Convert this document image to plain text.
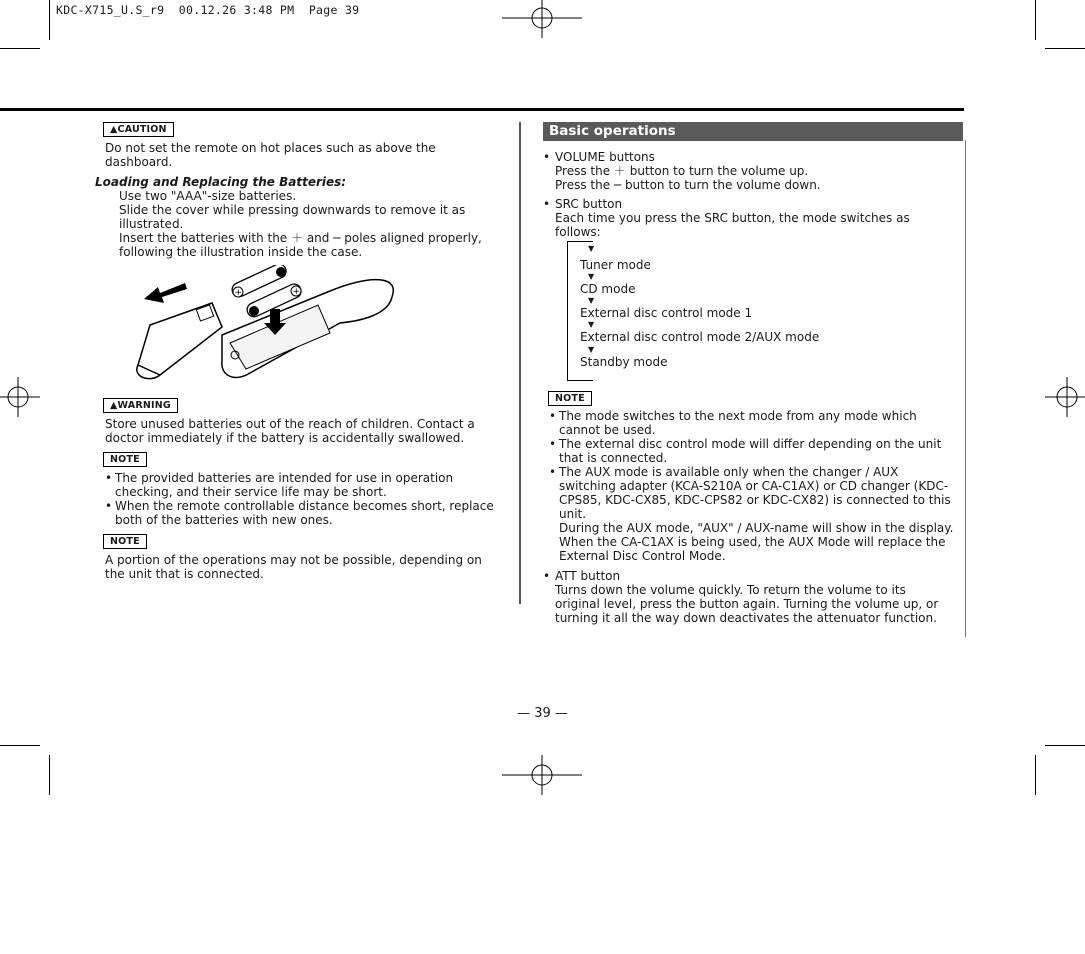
KDC-X715_U.S_r9  00.12.26 3:48 PM  Page 39
▲CAUTION

Do not set the remote on hot places such as above the dashboard.

Loading and Replacing the Batteries:

Use two "AAA"-size batteries.

Slide the cover while pressing downwards to remove it as illustrated.

Insert the batteries with the ＋ and ─ poles aligned properly, following the illustration inside the case.

+	+
▲WARNING

Store unused batteries out of the reach of children. Contact a doctor immediately if the battery is accidentally swallowed.

NOTE
• The provided batteries are intended for use in operation checking, and their service life may be short.
• When the remote controllable distance becomes short, replace both of the batteries with new ones.
NOTE

A portion of the operations may not be possible, depending on the unit that is connected.

Basic operations
• VOLUME buttons

Press the ＋ button to turn the volume up.

Press the ─ button to turn the volume down.

• SRC button

Each time you press the SRC button, the mode switches as follows:

▼
Tuner mode
▼
CD mode
▼
External disc control mode 1
▼
External disc control mode 2/AUX mode
▼
Standby mode
NOTE
• The mode switches to the next mode from any mode which cannot be used.
• The external disc control mode will differ depending on the unit that is connected.
• The AUX mode is available only when the changer / AUX switching adapter (KCA-S210A or CA-C1AX) or CD changer (KDC-CPS85, KDC-CX85, KDC-CPS82 or KDC-CX82) is connected to this unit.

During the AUX mode, "AUX" / AUX-name will show in the display.

When the CA-C1AX is being used, the AUX Mode will replace the External Disc Control Mode.

• ATT button

Turns down the volume quickly. To return the volume to its original level, press the button again. Turning the volume up, or turning it all the way down deactivates the attenuator function.

— 39 —
